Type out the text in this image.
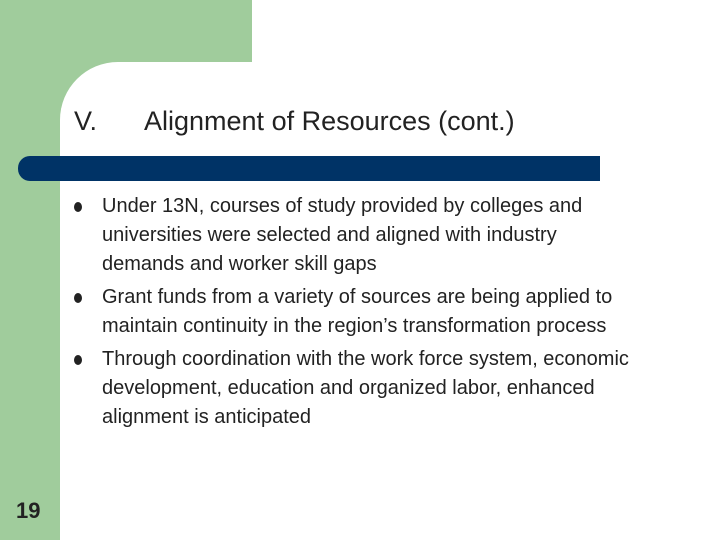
V. Alignment of Resources (cont.)
Under 13N, courses of study provided by colleges and universities were selected and aligned with industry demands and worker skill gaps
Grant funds from a variety of sources are being applied to maintain continuity in the region’s transformation process
Through coordination with the work force system, economic development, education and organized labor, enhanced alignment is anticipated
19
